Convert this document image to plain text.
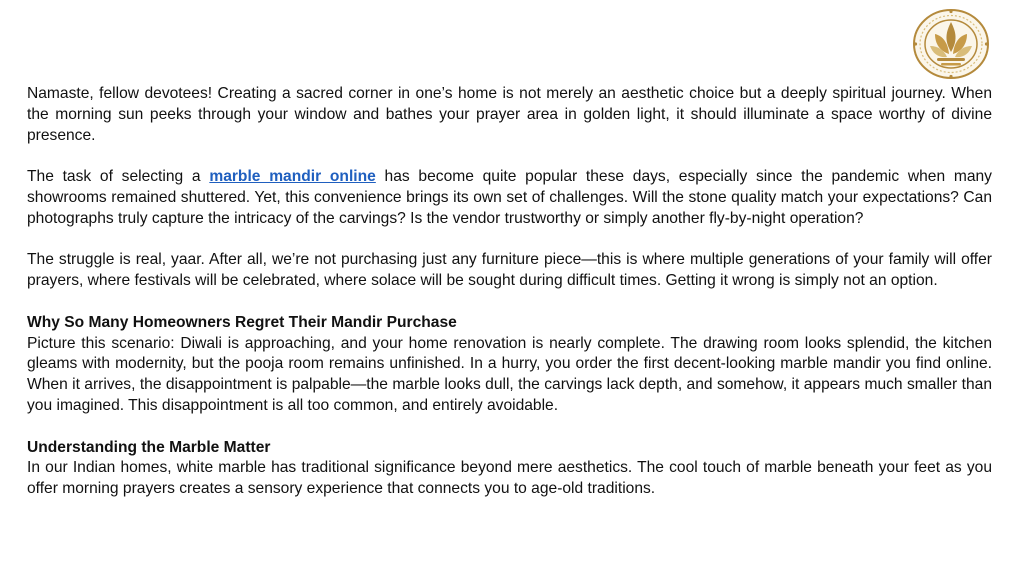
Namaste, fellow devotees! Creating a sacred corner in one’s home is not merely an aesthetic choice but a deeply spiritual journey. When the morning sun peeks through your window and bathes your prayer area in golden light, it should illuminate a space worthy of divine presence.

The task of selecting a marble mandir online has become quite popular these days, especially since the pandemic when many showrooms remained shuttered. Yet, this convenience brings its own set of challenges. Will the stone quality match your expectations? Can photographs truly capture the intricacy of the carvings? Is the vendor trustworthy or simply another fly-by-night operation?

The struggle is real, yaar. After all, we’re not purchasing just any furniture piece—this is where multiple generations of your family will offer prayers, where festivals will be celebrated, where solace will be sought during difficult times. Getting it wrong is simply not an option.

Why So Many Homeowners Regret Their Mandir Purchase
Picture this scenario: Diwali is approaching, and your home renovation is nearly complete. The drawing room looks splendid, the kitchen gleams with modernity, but the pooja room remains unfinished. In a hurry, you order the first decent-looking marble mandir you find online. When it arrives, the disappointment is palpable—the marble looks dull, the carvings lack depth, and somehow, it appears much smaller than you imagined. This disappointment is all too common, and entirely avoidable.

Understanding the Marble Matter
In our Indian homes, white marble has traditional significance beyond mere aesthetics. The cool touch of marble beneath your feet as you offer morning prayers creates a sensory experience that connects you to age-old traditions.
